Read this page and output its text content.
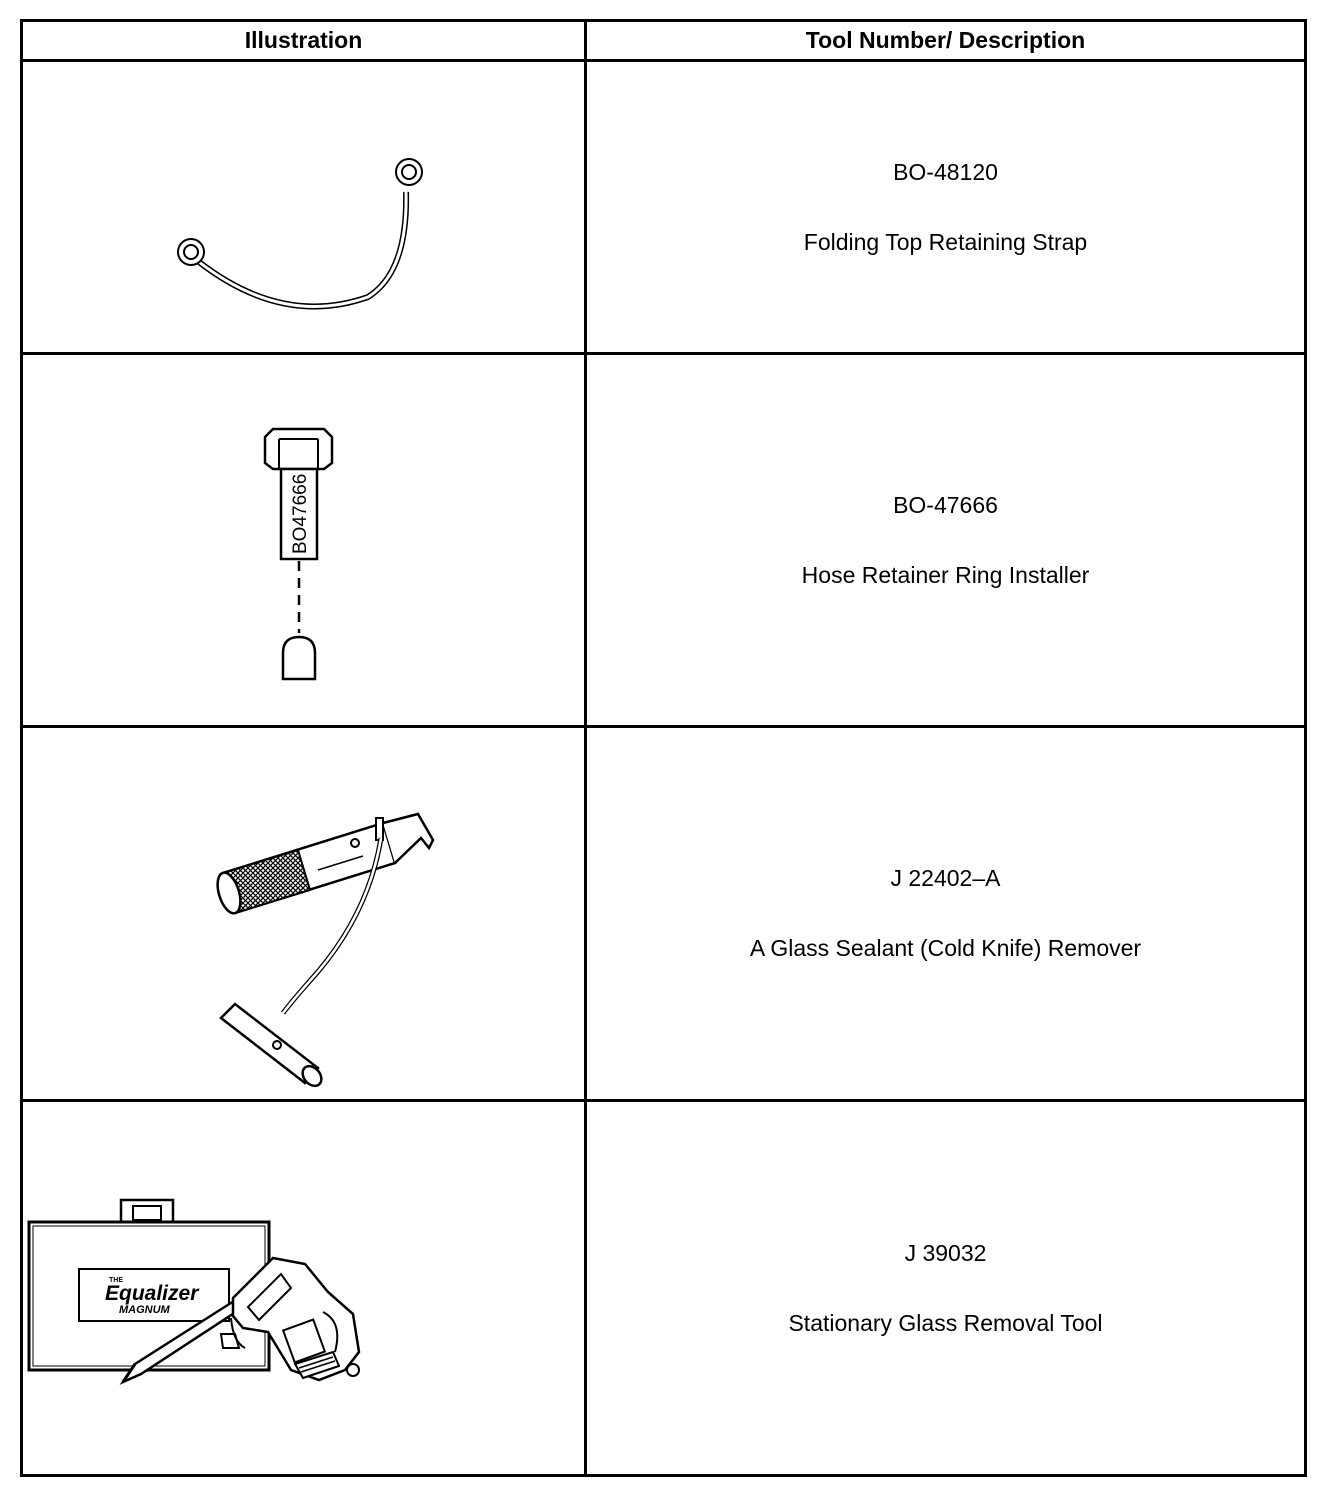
Illustration	Tool Number/ Description
BO-48120
Folding Top Retaining Strap
BO47666	BO-47666
Hose Retainer Ring Installer
J 22402–A
A Glass Sealant (Cold Knife) Remover
THE
Equalizer
MAGNUM
J 39032
Stationary Glass Removal Tool
